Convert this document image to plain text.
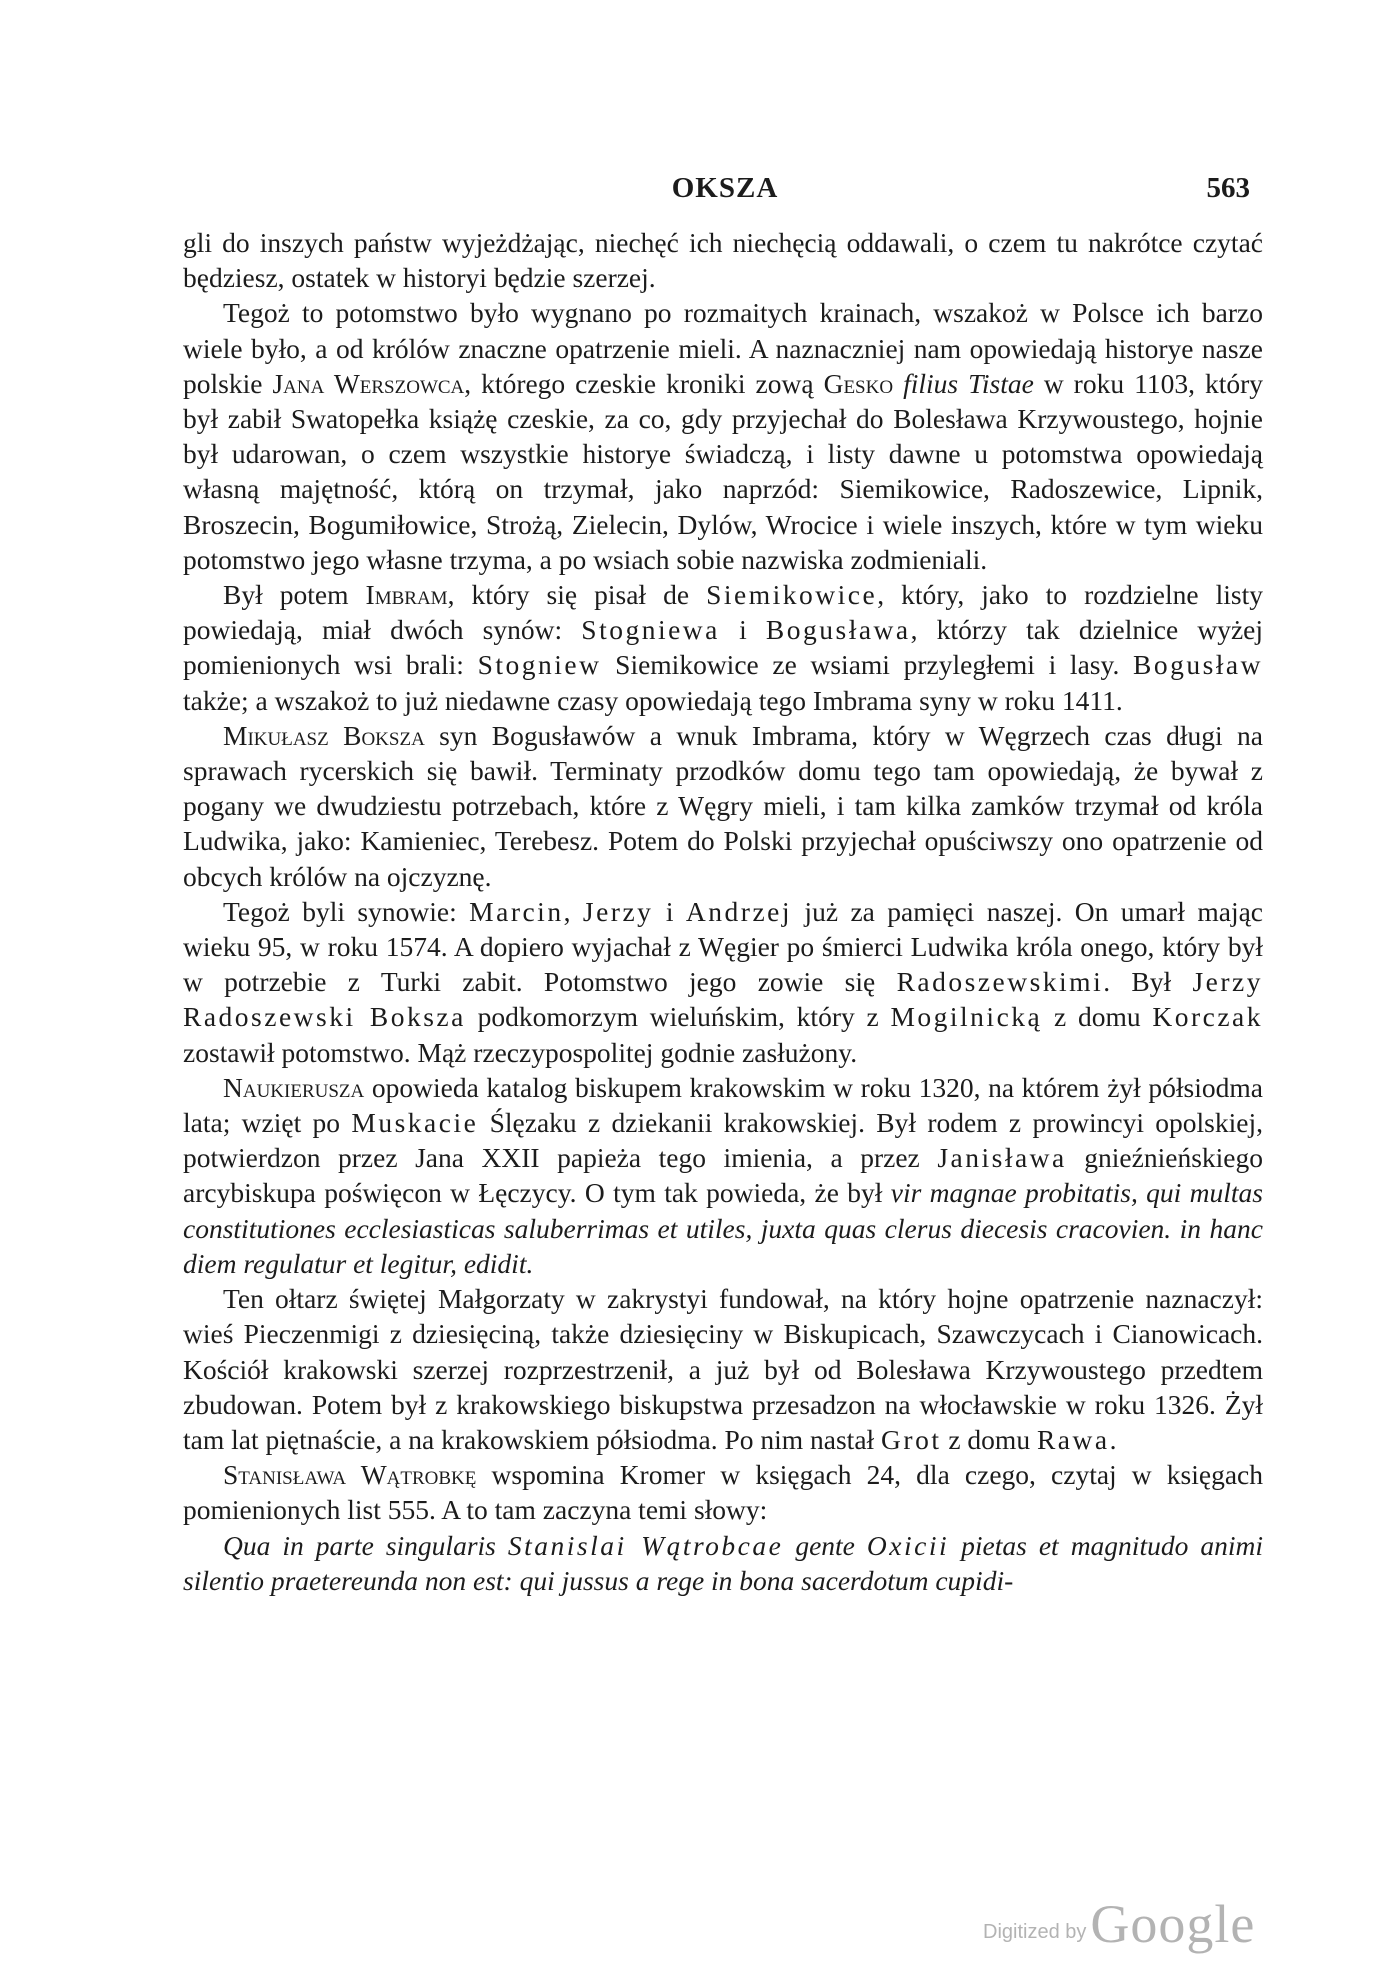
OKSZA	563

gli do inszych państw wyjeżdżając, niechęć ich niechęcią oddawali, o czem tu nakrótce czytać będziesz, ostatek w historyi będzie szerzej.

Tegoż to potomstwo było wygnano po rozmaitych krainach, wszakoż w Polsce ich barzo wiele było, a od królów znaczne opatrzenie mieli. A naznaczniej nam opowiedają historye nasze polskie Jana Werszowca, którego czeskie kroniki zową Gesko filius Tistae w roku 1103, który był zabił Swatopełka książę czeskie, za co, gdy przyjechał do Bolesława Krzywoustego, hojnie był udarowan, o czem wszystkie historye świadczą, i listy dawne u potomstwa opowiedają własną majętność, którą on trzymał, jako naprzód: Siemikowice, Radoszewice, Lipnik, Broszecin, Bogumiłowice, Strożą, Zielecin, Dylów, Wrocice i wiele inszych, które w tym wieku potomstwo jego własne trzyma, a po wsiach sobie nazwiska zodmieniali.

Był potem Imbram, który się pisał de Siemikowice, który, jako to rozdzielne listy powiedają, miał dwóch synów: Stogniewa i Bogusława, którzy tak dzielnice wyżej pomienionych wsi brali: Stogniew Siemikowice ze wsiami przyległemi i lasy. Bogusław także; a wszakoż to już niedawne czasy opowiedają tego Imbrama syny w roku 1411.

Mikułasz Boksza syn Bogusławów a wnuk Imbrama, który w Węgrzech czas długi na sprawach rycerskich się bawił. Terminaty przodków domu tego tam opowiedają, że bywał z pogany we dwudziestu potrzebach, które z Węgry mieli, i tam kilka zamków trzymał od króla Ludwika, jako: Kamieniec, Terebesz. Potem do Polski przyjechał opuściwszy ono opatrzenie od obcych królów na ojczyznę.

Tegoż byli synowie: Marcin, Jerzy i Andrzej już za pamięci naszej. On umarł mając wieku 95, w roku 1574. A dopiero wyjachał z Węgier po śmierci Ludwika króla onego, który był w potrzebie z Turki zabit. Potomstwo jego zowie się Radoszewskimi. Był Jerzy Radoszewski Boksza podkomorzym wieluńskim, który z Mogilnicką z domu Korczak zostawił potomstwo. Mąż rzeczypospolitej godnie zasłużony.

Naukierusza opowieda katalog biskupem krakowskim w roku 1320, na którem żył półsiodma lata; wzięt po Muskacie Ślęzaku z dziekanii krakowskiej. Był rodem z prowincyi opolskiej, potwierdzon przez Jana XXII papieża tego imienia, a przez Janisława gnieźnieńskiego arcybiskupa poświęcon w Łęczycy. O tym tak powieda, że był vir magnae probitatis, qui multas constitutiones ecclesiasticas saluberrimas et utiles, juxta quas clerus diecesis cracovien. in hanc diem regulatur et legitur, edidit.

Ten ołtarz świętej Małgorzaty w zakrystyi fundował, na który hojne opatrzenie naznaczył: wieś Pieczenmigi z dziesięciną, także dziesięciny w Biskupicach, Szawczycach i Cianowicach. Kościół krakowski szerzej rozprzestrzenił, a już był od Bolesława Krzywoustego przedtem zbudowan. Potem był z krakowskiego biskupstwa przesadzon na włocławskie w roku 1326. Żył tam lat piętnaście, a na krakowskiem półsiodma. Po nim nastał Grot z domu Rawa.

Stanisława Wątrobkę wspomina Kromer w księgach 24, dla czego, czytaj w księgach pomienionych list 555. A to tam zaczyna temi słowy:

Qua in parte singularis Stanislai Wątrobcae gente Oxicii pietas et magnitudo animi silentio praetereunda non est: qui jussus a rege in bona sacerdotum cupidi-

Digitized by Google
